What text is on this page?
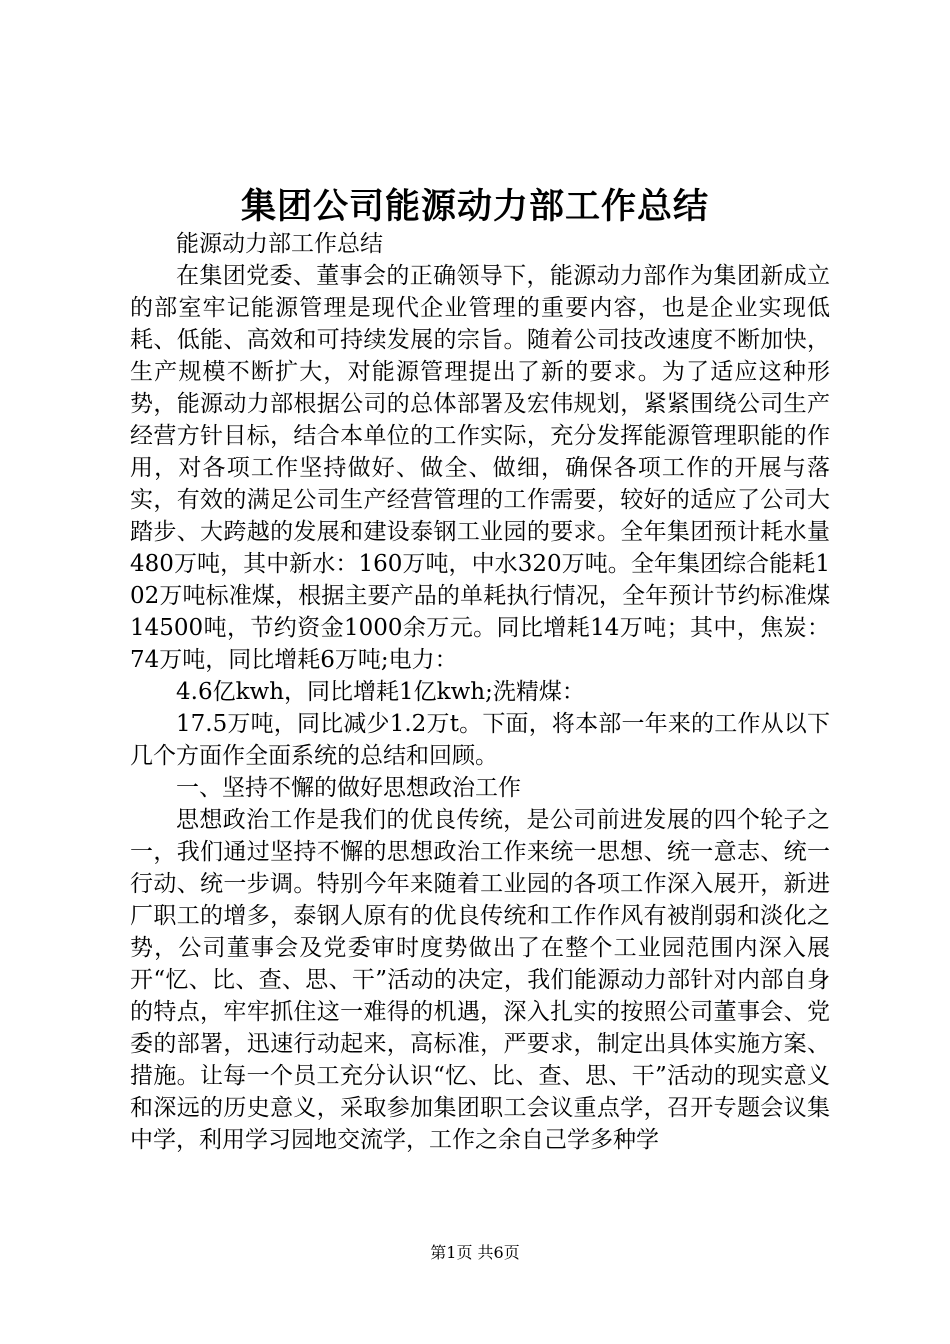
集团公司能源动力部工作总结

能源动力部工作总结

在集团党委、董事会的正确领导下，能源动力部作为集团新成立的部室牢记能源管理是现代企业管理的重要内容，也是企业实现低耗、低能、高效和可持续发展的宗旨。随着公司技改速度不断加快，生产规模不断扩大，对能源管理提出了新的要求。为了适应这种形势，能源动力部根据公司的总体部署及宏伟规划，紧紧围绕公司生产经营方针目标，结合本单位的工作实际，充分发挥能源管理职能的作用，对各项工作坚持做好、做全、做细，确保各项工作的开展与落实，有效的满足公司生产经营管理的工作需要，较好的适应了公司大踏步、大跨越的发展和建设泰钢工业园的要求。全年集团预计耗水量480万吨，其中新水：160万吨，中水320万吨。全年集团综合能耗102万吨标准煤，根据主要产品的单耗执行情况，全年预计节约标准煤14500吨，节约资金1000余万元。同比增耗14万吨；其中，焦炭：74万吨，同比增耗6万吨;电力：

4.6亿kwh，同比增耗1亿kwh;洗精煤：

17.5万吨，同比减少1.2万t。下面，将本部一年来的工作从以下几个方面作全面系统的总结和回顾。

一、坚持不懈的做好思想政治工作

思想政治工作是我们的优良传统，是公司前进发展的四个轮子之一，我们通过坚持不懈的思想政治工作来统一思想、统一意志、统一行动、统一步调。特别今年来随着工业园的各项工作深入展开，新进厂职工的增多，泰钢人原有的优良传统和工作作风有被削弱和淡化之势，公司董事会及党委审时度势做出了在整个工业园范围内深入展开“忆、比、查、思、干”活动的决定，我们能源动力部针对内部自身的特点，牢牢抓住这一难得的机遇，深入扎实的按照公司董事会、党委的部署，迅速行动起来，高标准，严要求，制定出具体实施方案、措施。让每一个员工充分认识“忆、比、查、思、干”活动的现实意义和深远的历史意义，采取参加集团职工会议重点学，召开专题会议集中学，利用学习园地交流学，工作之余自己学多种学

第1页 共6页
